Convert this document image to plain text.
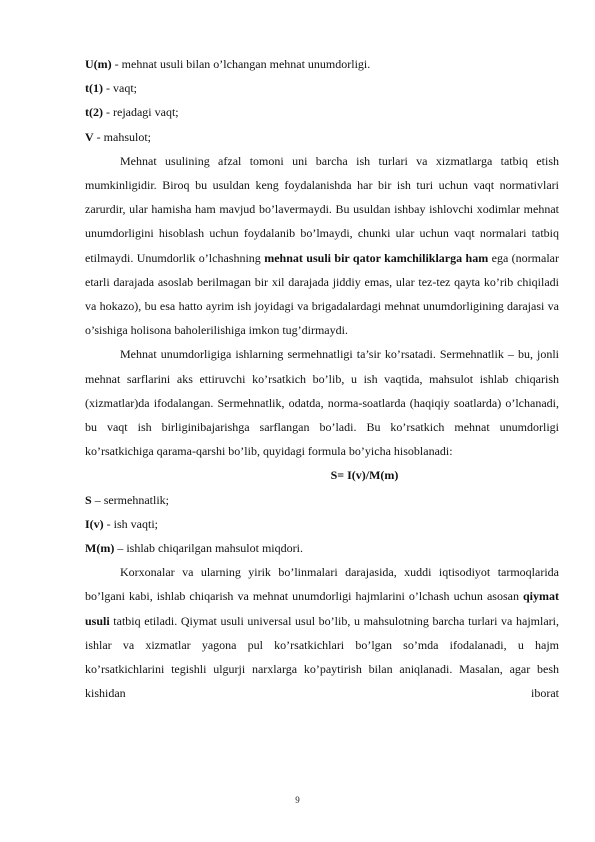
U(m) - mehnat usuli bilan o’lchangan mehnat unumdorligi.
t(1) - vaqt;
t(2) - rejadagi vaqt;
V - mahsulot;

Mehnat usulining afzal tomoni uni barcha ish turlari va xizmatlarga tatbiq etish mumkinligidir. Biroq bu usuldan keng foydalanishda har bir ish turi uchun vaqt normativlari zarurdir, ular hamisha ham mavjud bo’lavermaydi. Bu usuldan ishbay ishlovchi xodimlar mehnat unumdorligini hisoblash uchun foydalanib bo’lmaydi, chunki ular uchun vaqt normalari tatbiq etilmaydi. Unumdorlik o’lchashning mehnat usuli bir qator kamchiliklarga ham ega (normalar etarli darajada asoslab berilmagan bir xil darajada jiddiy emas, ular tez-tez qayta ko’rib chiqiladi va hokazo), bu esa hatto ayrim ish joyidagi va brigadalardagi mehnat unumdorligining darajasi va o’sishiga holisona baholerilishiga imkon tug’dirmaydi.

Mehnat unumdorligiga ishlarning sermehnatligi ta’sir ko’rsatadi. Sermehnatlik – bu, jonli mehnat sarflarini aks ettiruvchi ko’rsatkich bo’lib, u ish vaqtida, mahsulot ishlab chiqarish (xizmatlar)da ifodalangan. Sermehnatlik, odatda, norma-soatlarda (haqiqiy soatlarda) o’lchanadi, bu vaqt ish birliginibajarishga sarflangan bo’ladi. Bu ko’rsatkich mehnat unumdorligi ko’rsatkichiga qarama-qarshi bo’lib, quyidagi formula bo’yicha hisoblanadi:

S= I(v)/M(m)

S – sermehnatlik;
I(v) - ish vaqti;
M(m) – ishlab chiqarilgan mahsulot miqdori.

Korxonalar va ularning yirik bo’linmalari darajasida, xuddi iqtisodiyot tarmoqlarida bo’lgani kabi, ishlab chiqarish va mehnat unumdorligi hajmlarini o’lchash uchun asosan qiymat usuli tatbiq etiladi. Qiymat usuli universal usul bo’lib, u mahsulotning barcha turlari va hajmlari, ishlar va xizmatlar yagona pul ko’rsatkichlari bo’lgan so’mda ifodalanadi, u hajm ko’rsatkichlarini tegishli ulgurji narxlarga ko’paytirish bilan aniqlanadi. Masalan, agar besh kishidan iborat

9
